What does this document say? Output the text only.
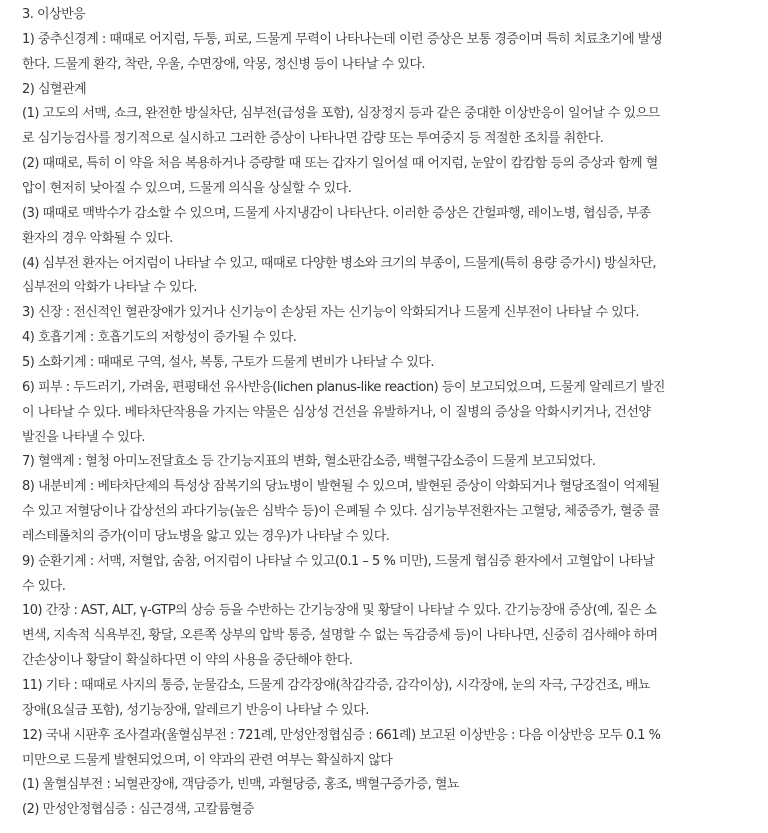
3. 이상반응

1) 중추신경계 : 때때로 어지럼, 두통, 피로, 드물게 무력이 나타나는데 이런 증상은 보통 경증이며 특히 치료초기에 발생

한다. 드물게 환각, 착란, 우울, 수면장애, 악몽, 정신병 등이 나타날 수 있다.

2) 심혈관계

(1) 고도의 서맥, 쇼크, 완전한 방실차단, 심부전(급성을 포함), 심장정지 등과 같은 중대한 이상반응이 일어날 수 있으므

로 심기능검사를 정기적으로 실시하고 그러한 증상이 나타나면 감량 또는 투여중지 등 적절한 조치를 취한다.

(2) 때때로, 특히 이 약을 처음 복용하거나 증량할 때 또는 갑자기 일어설 때 어지럼, 눈앞이 캄캄함 등의 증상과 함께 혈

압이 현저히 낮아질 수 있으며, 드물게 의식을 상실할 수 있다.

(3) 때때로 맥박수가 감소할 수 있으며, 드물게 사지냉감이 나타난다. 이러한 증상은 간헐파행, 레이노병, 협심증, 부종

환자의 경우 악화될 수 있다.

(4) 심부전 환자는 어지럼이 나타날 수 있고, 때때로 다양한 병소와 크기의 부종이, 드물게(특히 용량 증가시) 방실차단,

심부전의 악화가 나타날 수 있다.

3) 신장 : 전신적인 혈관장애가 있거나 신기능이 손상된 자는 신기능이 악화되거나 드물게 신부전이 나타날 수 있다.

4) 호흡기계 : 호흡기도의 저항성이 증가될 수 있다.

5) 소화기계 : 때때로 구역, 설사, 복통, 구토가 드물게 변비가 나타날 수 있다.

6) 피부 : 두드러기, 가려움, 편평태선 유사반응(lichen planus-like reaction) 등이 보고되었으며, 드물게 알레르기 발진

이 나타날 수 있다. 베타차단작용을 가지는 약물은 심상성 건선을 유발하거나, 이 질병의 증상을 악화시키거나, 건선양

발진을 나타낼 수 있다.

7) 혈액계 : 혈청 아미노전달효소 등 간기능지표의 변화, 혈소판감소증, 백혈구감소증이 드물게 보고되었다.

8) 내분비계 : 베타차단제의 특성상 잠복기의 당뇨병이 발현될 수 있으며, 발현된 증상이 악화되거나 혈당조절이 억제될

수 있고 저혈당이나 갑상선의 과다기능(높은 심박수 등)이 은폐될 수 있다. 심기능부전환자는 고혈당, 체중증가, 혈중 콜

레스테롤치의 증가(이미 당뇨병을 앓고 있는 경우)가 나타날 수 있다.

9) 순환기계 : 서맥, 저혈압, 숨참, 어지럼이 나타날 수 있고(0.1 – 5 % 미만), 드물게 협심증 환자에서 고혈압이 나타날

수 있다.

10) 간장 : AST, ALT, γ-GTP의 상승 등을 수반하는 간기능장애 및 황달이 나타날 수 있다. 간기능장애 증상(예, 짙은 소

변색, 지속적 식욕부진, 황달, 오른쪽 상부의 압박 통증, 설명할 수 없는 독감증세 등)이 나타나면, 신중히 검사해야 하며

간손상이나 황달이 확실하다면 이 약의 사용을 중단해야 한다.

11) 기타 : 때때로 사지의 통증, 눈물감소, 드물게 감각장애(착감각증, 감각이상), 시각장애, 눈의 자극, 구강건조, 배뇨

장애(요실금 포함), 성기능장애, 알레르기 반응이 나타날 수 있다.

12) 국내 시판후 조사결과(울혈심부전 : 721례, 만성안정협심증 : 661례) 보고된 이상반응 : 다음 이상반응 모두 0.1 %

미만으로 드물게 발현되었으며, 이 약과의 관련 여부는 확실하지 않다

(1) 울혈심부전 : 뇌혈관장애, 객담증가, 빈맥, 과혈당증, 홍조, 백혈구증가증, 혈뇨

(2) 만성안정협심증 : 심근경색, 고칼륨혈증
